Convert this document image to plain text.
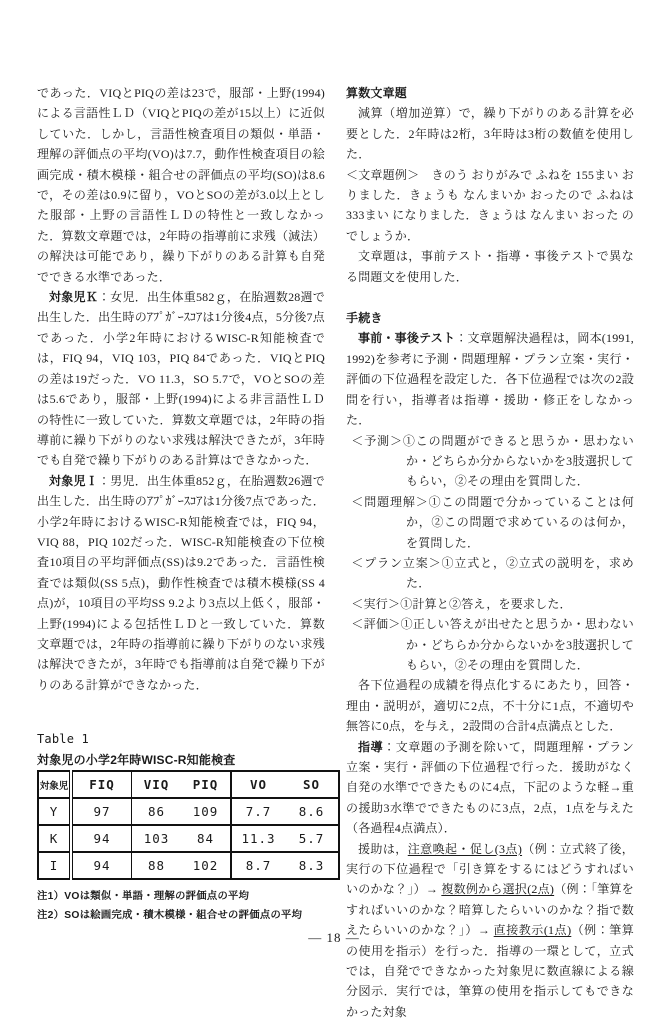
であった．VIQとPIQの差は23で，服部・上野(1994)による言語性ＬＤ（VIQとPIQの差が15以上）に近似していた．しかし，言語性検査項目の類似・単語・理解の評価点の平均(VO)は7.7，動作性検査項目の絵画完成・積木模様・組合せの評価点の平均(SO)は8.6で，その差は0.9に留り，VOとSOの差が3.0以上とした服部・上野の言語性ＬＤの特性と一致しなかった．算数文章題では，2年時の指導前に求残（減法）の解決は可能であり，繰り下がりのある計算も自発でできる水準であった．

対象児Ｋ：女児．出生体重582ｇ，在胎週数28週で出生した．出生時のｱﾌﾟｶﾞｰｽｺｱは1分後4点，5分後7点であった．小学2年時におけるWISC-R知能検査では，FIQ 94，VIQ 103，PIQ 84であった．VIQとPIQの差は19だった．VO 11.3，SO 5.7で，VOとSOの差は5.6であり，服部・上野(1994)による非言語性ＬＤの特性に一致していた．算数文章題では，2年時の指導前に繰り下がりのない求残は解決できたが，3年時でも自発で繰り下がりのある計算はできなかった．

対象児Ｉ：男児．出生体重852ｇ，在胎週数26週で出生した．出生時のｱﾌﾟｶﾞｰｽｺｱは1分後7点であった．小学2年時におけるWISC-R知能検査では，FIQ 94，VIQ 88，PIQ 102だった．WISC-R知能検査の下位検査10項目の平均評価点(SS)は9.2であった．言語性検査では類似(SS 5点)，動作性検査では積木模様(SS 4点)が，10項目の平均SS 9.2より3点以上低く，服部・上野(1994)による包括性ＬＤと一致していた．算数文章題では，2年時の指導前に繰り下がりのない求残は解決できたが，3年時でも指導前は自発で繰り下がりのある計算ができなかった．

Table 1

対象児の小学2年時WISC-R知能検査

対象児	FIQ	VIQ	PIQ	VO	SO
Y	97	86	109	7.7	8.6
K	94	103	84	11.3	5.7
I	94	88	102	8.7	8.3

注1）VOは類似・単語・理解の評価点の平均

注2）SOは絵画完成・積木模様・組合せの評価点の平均

算数文章題

減算（増加逆算）で，繰り下がりのある計算を必要とした．2年時は2桁，3年時は3桁の数値を使用した．

＜文章題例＞　きのう おりがみで ふねを 155まい おりました．きょうも なんまいか おったので ふねは 333まい になりました．きょうは なんまい おった のでしょうか．

文章題は，事前テスト・指導・事後テストで異なる問題文を使用した．

手続き

事前・事後テスト：文章題解決過程は，岡本(1991, 1992)を参考に予測・問題理解・プラン立案・実行・評価の下位過程を設定した．各下位過程では次の2設問を行い，指導者は指導・援助・修正をしなかった．

＜予測＞①この問題ができると思うか・思わないか・どちらか分からないかを3肢選択してもらい，②その理由を質問した．

＜問題理解＞①この問題で分かっていることは何か，②この問題で求めているのは何か，を質問した．

＜プラン立案＞①立式と，②立式の説明を，求めた．

＜実行＞①計算と②答え，を要求した．

＜評価＞①正しい答えが出せたと思うか・思わないか・どちらか分からないかを3肢選択してもらい，②その理由を質問した．

各下位過程の成績を得点化するにあたり，回答・理由・説明が，適切に2点，不十分に1点，不適切や無答に0点，を与え，2設問の合計4点満点とした．

指導：文章題の予測を除いて，問題理解・プラン立案・実行・評価の下位過程で行った．援助がなく自発の水準でできたものに4点，下記のような軽→重の援助3水準でできたものに3点，2点，1点を与えた（各過程4点満点）．

援助は，注意喚起・促し(3点)（例：立式終了後，実行の下位過程で「引き算をするにはどうすればいいのかな？」）→ 複数例から選択(2点)（例：「筆算をすればいいのかな？暗算したらいいのかな？指で数えたらいいのかな？」）→ 直接教示(1点)（例：筆算の使用を指示）を行った．指導の一環として，立式では，自発でできなかった対象児に数直線による線分図示．実行では，筆算の使用を指示してもできなかった対象

— 18 —
